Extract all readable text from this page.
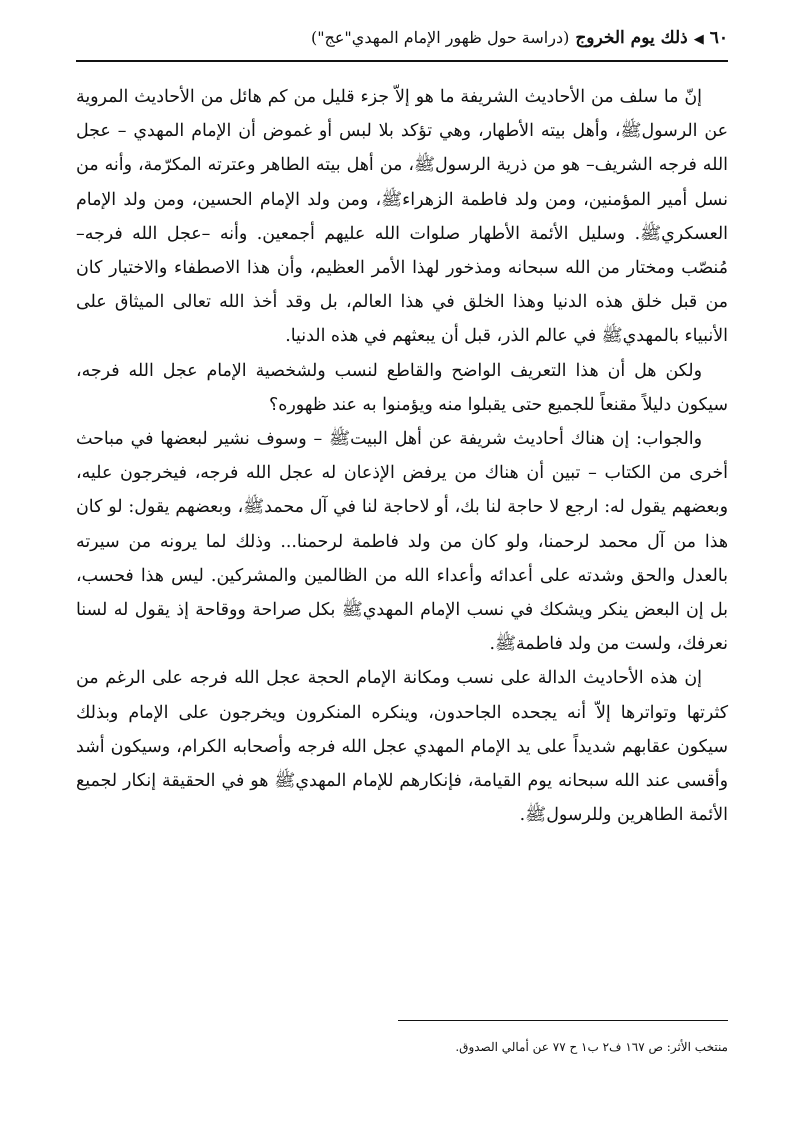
٦٠
◀
ذلك يوم الخروج
(دراسة حول ظهور الإمام المهدي"عج")

إنّ ما سلف من الأحاديث الشريفة ما هو إلاّ جزء قليل من كم هائل من الأحاديث المروية عن الرسولﷺ، وأهل بيته الأطهار، وهي تؤكد بلا لبس أو غموض أن الإمام المهدي – عجل الله فرجه الشريف– هو من ذرية الرسولﷺ، من أهل بيته الطاهر وعترته المكرّمة، وأنه من نسل أمير المؤمنين، ومن ولد فاطمة الزهراءﷺ، ومن ولد الإمام الحسين، ومن ولد الإمام العسكريﷺ. وسليل الأئمة الأطهار صلوات الله عليهم أجمعين. وأنه –عجل الله فرجه– مُنصّب ومختار من الله سبحانه ومذخور لهذا الأمر العظيم، وأن هذا الاصطفاء والاختيار كان من قبل خلق هذه الدنيا وهذا الخلق في هذا العالم، بل وقد أخذ الله تعالى الميثاق على الأنبياء بالمهديﷺ في عالم الذر، قبل أن يبعثهم في هذه الدنيا.

ولكن هل أن هذا التعريف الواضح والقاطع لنسب ولشخصية الإمام عجل الله فرجه، سيكون دليلاً مقنعاً للجميع حتى يقبلوا منه ويؤمنوا به عند ظهوره؟

والجواب: إن هناك أحاديث شريفة عن أهل البيتﷺ – وسوف نشير لبعضها في مباحث أخرى من الكتاب – تبين أن هناك من يرفض الإذعان له عجل الله فرجه، فيخرجون عليه، وبعضهم يقول له: ارجع لا حاجة لنا بك، أو لاحاجة لنا في آل محمدﷺ، وبعضهم يقول: لو كان هذا من آل محمد لرحمنا، ولو كان من ولد فاطمة لرحمنا... وذلك لما يرونه من سيرته بالعدل والحق وشدته على أعدائه وأعداء الله من الظالمين والمشركين. ليس هذا فحسب، بل إن البعض ينكر ويشكك في نسب الإمام المهديﷺ بكل صراحة ووقاحة إذ يقول له لسنا نعرفك، ولست من ولد فاطمةﷺ.

إن هذه الأحاديث الدالة على نسب ومكانة الإمام الحجة عجل الله فرجه على الرغم من كثرتها وتواترها إلاّ أنه يجحده الجاحدون، وينكره المنكرون ويخرجون على الإمام وبذلك سيكون عقابهم شديداً على يد الإمام المهدي عجل الله فرجه وأصحابه الكرام، وسيكون أشد وأقسى عند الله سبحانه يوم القيامة، فإنكارهم للإمام المهديﷺ هو في الحقيقة إنكار لجميع الأئمة الطاهرين وللرسولﷺ.

منتخب الأثر: ص ١٦٧ ف٢ ب١ ح ٧٧ عن أمالي الصدوق.
